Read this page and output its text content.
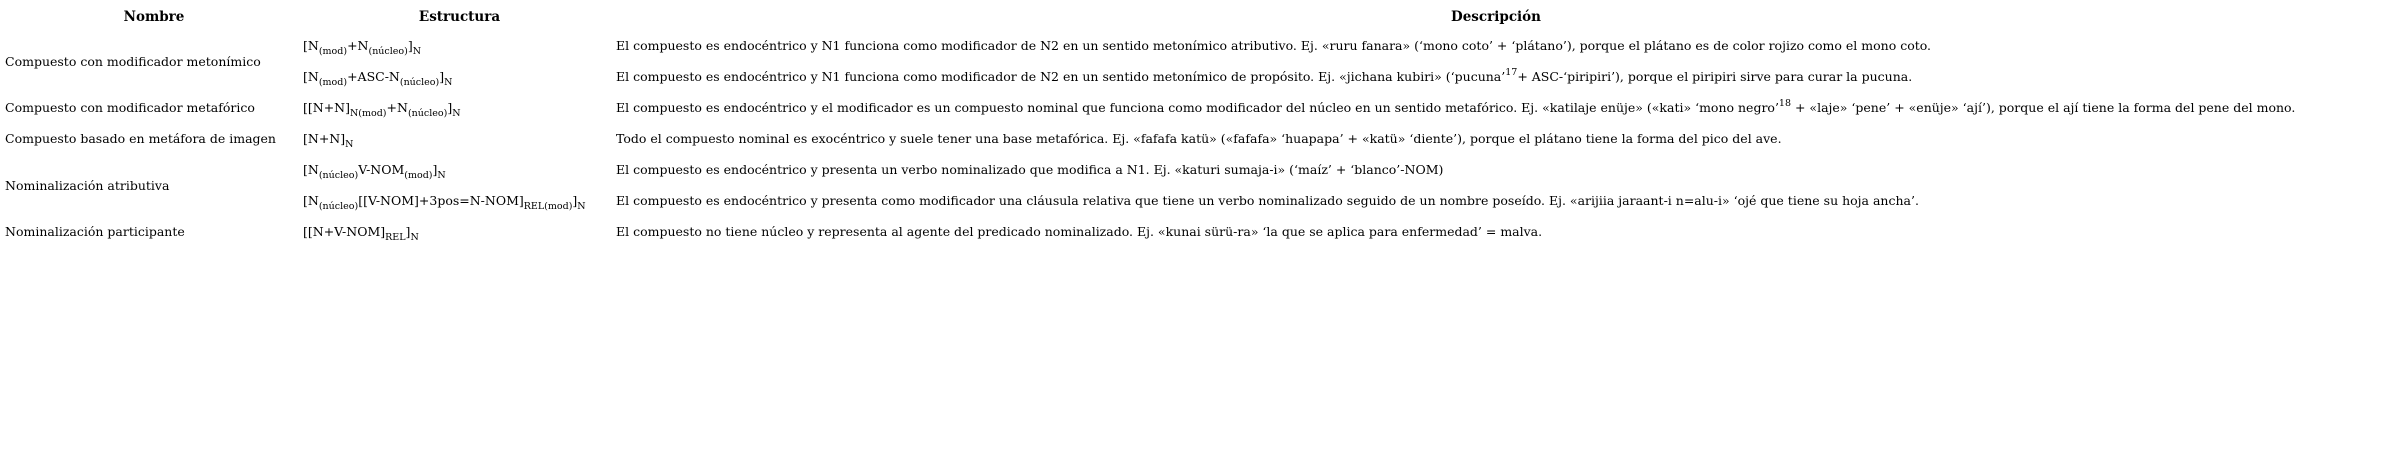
Nombre	Estructura	Descripción
Compuesto con modificador metonímico	$[N_{(mod)}+N_{(núcleo)}]_N$	El compuesto es endocéntrico y N1 funciona como modificador de N2 en un sentido metonímico atributivo. Ej. «ruru fanara» (‘mono coto’ + ‘plátano’), porque el plátano es de color rojizo como el mono coto.
	$[N_{(mod)}+ASC-N_{(núcleo)}]_N$	El compuesto es endocéntrico y N1 funciona como modificador de N2 en un sentido metonímico de propósito. Ej. «jichana kubiri» (‘pucuna’$^{17}$+ ASC-‘piripiri’), porque el piripiri sirve para curar la pucuna.
Compuesto con modificador metafórico	$[[N+N]_{N(mod)}+N_{(núcleo)}]_N$	El compuesto es endocéntrico y el modificador es un compuesto nominal que funciona como modificador del núcleo en un sentido metafórico. Ej. «katilaje enüje» («kati» ‘mono negro’$^{18}$ + «laje» ‘pene’ + «enüje» ‘ají’), porque el ají tiene la forma del pene del mono.
Compuesto basado en metáfora de imagen	$[N+N]_N$	Todo el compuesto nominal es exocéntrico y suele tener una base metafórica. Ej. «fafafa katü» («fafafa» ‘huapapa’ + «katü» ‘diente’), porque el plátano tiene la forma del pico del ave.
Nominalización atributiva	$[N_{(núcleo)}V-NOM_{(mod)}]_N$	El compuesto es endocéntrico y presenta un verbo nominalizado que modifica a N1. Ej. «katuri sumaja-i» (‘maíz’ + ‘blanco’-NOM)
	$[N_{(núcleo)}[[V-NOM]+3pos=N-NOM]_{REL(mod)}]_N$	El compuesto es endocéntrico y presenta como modificador una cláusula relativa que tiene un verbo nominalizado seguido de un nombre poseído. Ej. «arijiia jaraant-i n=alu-i» ‘ojé que tiene su hoja ancha’.
Nominalización participante	$[[N+V-NOM]_{REL}]_N$	El compuesto no tiene núcleo y representa al agente del predicado nominalizado. Ej. «kunai sürü-ra» ‘la que se aplica para enfermedad’ = malva.
